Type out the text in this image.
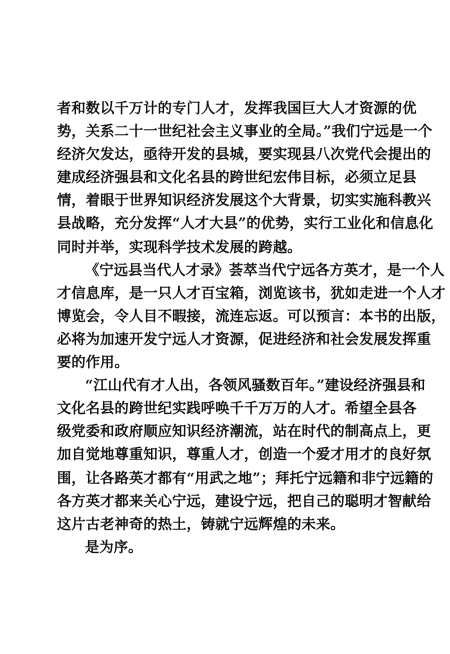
者和数以千万计的专门人才，发挥我国巨大人才资源的优
势，关系二十一世纪社会主义事业的全局。”我们宁远是一个
经济欠发达，亟待开发的县城，要实现县八次党代会提出的
建成经济强县和文化名县的跨世纪宏伟目标，必须立足县
情，着眼于世界知识经济发展这个大背景，切实实施科教兴
县战略，充分发挥“人才大县”的优势，实行工业化和信息化
同时并举，实现科学技术发展的跨越。
《宁远县当代人才录》荟萃当代宁远各方英才，是一个人
才信息库，是一只人才百宝箱，浏览该书，犹如走进一个人才
博览会，令人目不暇接，流连忘返。可以预言：本书的出版，
必将为加速开发宁远人才资源，促进经济和社会发展发挥重
要的作用。
“江山代有才人出，各领风骚数百年。”建设经济强县和
文化名县的跨世纪实践呼唤千千万万的人才。希望全县各
级党委和政府顺应知识经济潮流，站在时代的制高点上，更
加自觉地尊重知识，尊重人才，创造一个爱才用才的良好氛
围，让各路英才都有“用武之地”；拜托宁远籍和非宁远籍的
各方英才都来关心宁远，建设宁远，把自己的聪明才智献给
这片古老神奇的热土，铸就宁远辉煌的未来。
是为序。
